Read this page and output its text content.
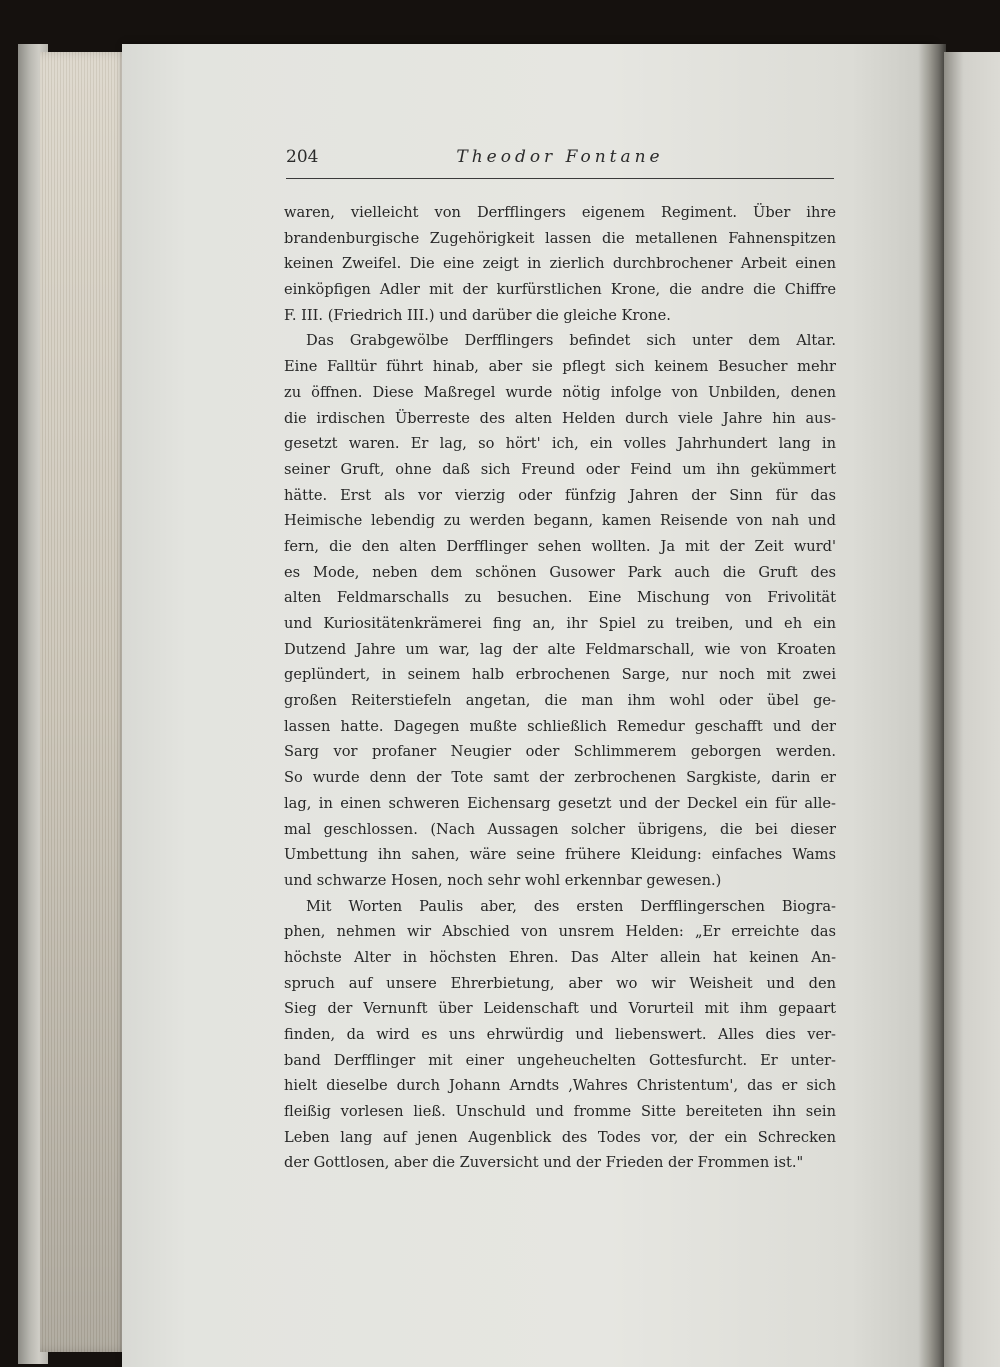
204	Theodor Fontane
waren, vielleicht von Derfflingers eigenem Regiment. Über ihre
brandenburgische Zugehörigkeit lassen die metallenen Fahnenspitzen
keinen Zweifel. Die eine zeigt in zierlich durchbrochener Arbeit einen
einköpfigen Adler mit der kurfürstlichen Krone, die andre die Chiffre
F. III. (Friedrich III.) und darüber die gleiche Krone.
Das Grabgewölbe Derfflingers befindet sich unter dem Altar.
Eine Falltür führt hinab, aber sie pflegt sich keinem Besucher mehr
zu öffnen. Diese Maßregel wurde nötig infolge von Unbilden, denen
die irdischen Überreste des alten Helden durch viele Jahre hin aus-
gesetzt waren. Er lag, so hört' ich, ein volles Jahrhundert lang in
seiner Gruft, ohne daß sich Freund oder Feind um ihn gekümmert
hätte. Erst als vor vierzig oder fünfzig Jahren der Sinn für das
Heimische lebendig zu werden begann, kamen Reisende von nah und
fern, die den alten Derfflinger sehen wollten. Ja mit der Zeit wurd'
es Mode, neben dem schönen Gusower Park auch die Gruft des
alten Feldmarschalls zu besuchen. Eine Mischung von Frivolität
und Kuriositätenkrämerei fing an, ihr Spiel zu treiben, und eh ein
Dutzend Jahre um war, lag der alte Feldmarschall, wie von Kroaten
geplündert, in seinem halb erbrochenen Sarge, nur noch mit zwei
großen Reiterstiefeln angetan, die man ihm wohl oder übel ge-
lassen hatte. Dagegen mußte schließlich Remedur geschafft und der
Sarg vor profaner Neugier oder Schlimmerem geborgen werden.
So wurde denn der Tote samt der zerbrochenen Sargkiste, darin er
lag, in einen schweren Eichensarg gesetzt und der Deckel ein für alle-
mal geschlossen. (Nach Aussagen solcher übrigens, die bei dieser
Umbettung ihn sahen, wäre seine frühere Kleidung: einfaches Wams
und schwarze Hosen, noch sehr wohl erkennbar gewesen.)
Mit Worten Paulis aber, des ersten Derfflingerschen Biogra-
phen, nehmen wir Abschied von unsrem Helden: „Er erreichte das
höchste Alter in höchsten Ehren. Das Alter allein hat keinen An-
spruch auf unsere Ehrerbietung, aber wo wir Weisheit und den
Sieg der Vernunft über Leidenschaft und Vorurteil mit ihm gepaart
finden, da wird es uns ehrwürdig und liebenswert. Alles dies ver-
band Derfflinger mit einer ungeheuchelten Gottesfurcht. Er unter-
hielt dieselbe durch Johann Arndts ‚Wahres Christentum', das er sich
fleißig vorlesen ließ. Unschuld und fromme Sitte bereiteten ihn sein
Leben lang auf jenen Augenblick des Todes vor, der ein Schrecken
der Gottlosen, aber die Zuversicht und der Frieden der Frommen ist."
